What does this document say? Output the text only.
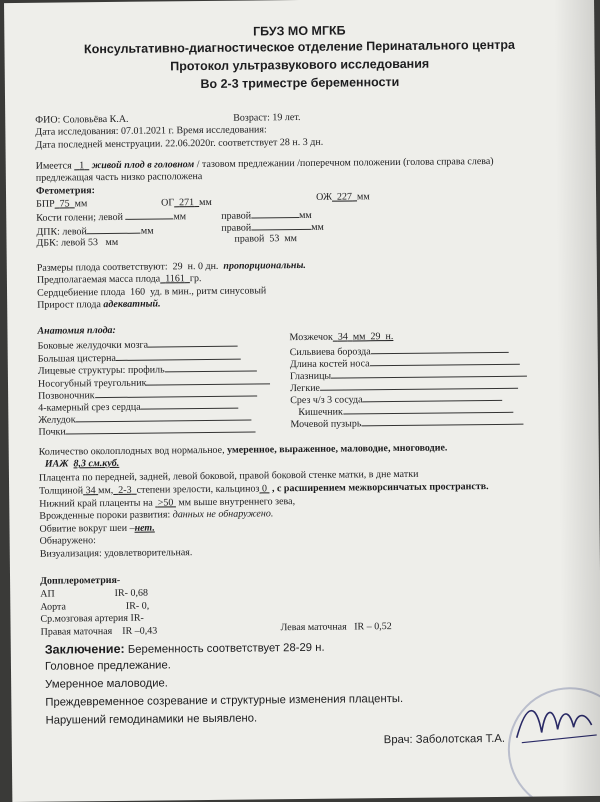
ГБУЗ МО МГКБ
Консультативно-диагностическое отделение Перинатального центра
Протокол ультразвукового исследования
Во 2-3 триместре беременности
ФИО: Соловьёва К.А.	Возраст: 19 лет.
Дата исследования: 07.01.2021 г. Время исследования:
Дата последней менструации. 22.06.2020г. соответствует 28 н. 3 дн.
Имеется 1 живой плод в головном / тазовом предлежании /поперечном положении (голова справа слева)
предлежащая часть низко расположена
Фетометрия:
БПР 75 мм	ОГ 271 мм	ОЖ 227 мм
Кости голени; левой	мм	правой	мм
ДПК: левой	мм	правой	мм
ДБК: левой 53 мм	правой 53 мм
Размеры плода соответствуют: 29 н. 0 дн. пропорциональны.
Предполагаемая масса плода 1161 гр.
Сердцебиение плода 160 уд. в мин., ритм синусовый
Прирост плода адекватный.
Анатомия плода:
Боковые желудочки мозга
Большая цистерна
Лицевые структуры: профиль
Носогубный треугольник
Позвоночник
4-камерный срез сердца
Желудок
Почки
Мозжечок 34 мм 29 н.
Сильвиева борозда
Длина костей носа
Глазницы
Легкие
Срез ч/з 3 сосуда
Кишечник
Мочевой пузырь
Количество околоплодных вод нормальное, умеренное, выраженное, маловодие, многоводие.
ИАЖ 8,3 см.куб.
Плацента по передней, задней, левой боковой, правой боковой стенке матки, в дне матки
Толщиной 34 мм, 2-3 степени зрелости, кальциноз 0 , с расширением межворсинчатых пространств.
Нижний край плаценты на >50 мм выше внутреннего зева,
Врожденные пороки развития: данных не обнаружено.
Обвитие вокруг шеи –нет.
Обнаружено:
Визуализация: удовлетворительная.
Допплерометрия-
АП	IR- 0,68
Аорта	IR- 0,
Ср.мозговая артерия IR-
Правая маточная IR –0,43	Левая маточная IR – 0,52
Заключение: Беременность соответствует 28-29 н.
Головное предлежание.
Умеренное маловодие.
Преждевременное созревание и структурные изменения плаценты.
Нарушений гемодинамики не выявлено.
Врач: Заболотская Т.А.
